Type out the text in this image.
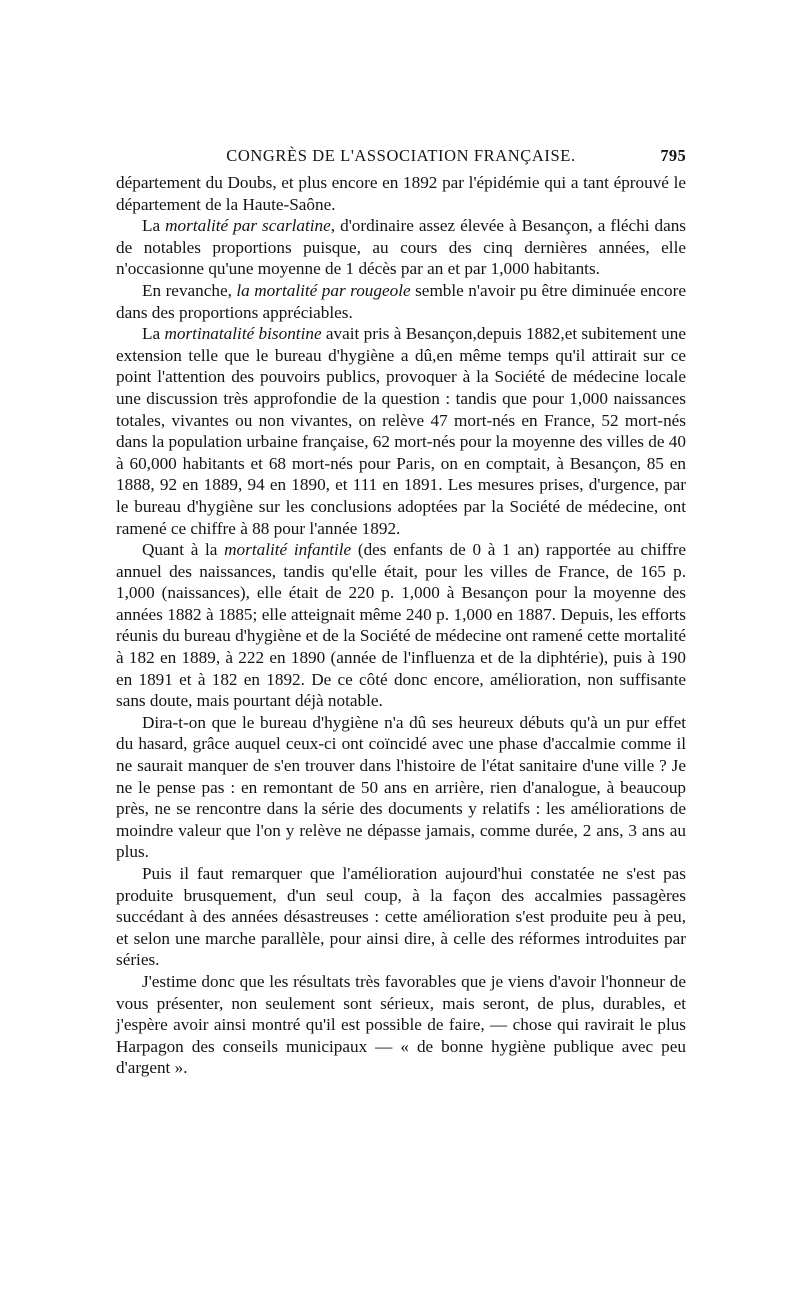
CONGRÈS DE L'ASSOCIATION FRANÇAISE.	795

département du Doubs, et plus encore en 1892 par l'épidémie qui a tant éprouvé le département de la Haute-Saône.

La mortalité par scarlatine, d'ordinaire assez élevée à Besançon, a fléchi dans de notables proportions puisque, au cours des cinq dernières années, elle n'occasionne qu'une moyenne de 1 décès par an et par 1,000 habitants.

En revanche, la mortalité par rougeole semble n'avoir pu être diminuée encore dans des proportions appréciables.

La mortinatalité bisontine avait pris à Besançon,depuis 1882,et subitement une extension telle que le bureau d'hygiène a dû,en même temps qu'il attirait sur ce point l'attention des pouvoirs publics, provoquer à la Société de médecine locale une discussion très approfondie de la question : tandis que pour 1,000 naissances totales, vivantes ou non vivantes, on relève 47 mort-nés en France, 52 mort-nés dans la population urbaine française, 62 mort-nés pour la moyenne des villes de 40 à 60,000 habitants et 68 mort-nés pour Paris, on en comptait, à Besançon, 85 en 1888, 92 en 1889, 94 en 1890, et 111 en 1891. Les mesures prises, d'urgence, par le bureau d'hygiène sur les conclusions adoptées par la Société de médecine, ont ramené ce chiffre à 88 pour l'année 1892.

Quant à la mortalité infantile (des enfants de 0 à 1 an) rapportée au chiffre annuel des naissances, tandis qu'elle était, pour les villes de France, de 165 p. 1,000 (naissances), elle était de 220 p. 1,000 à Besançon pour la moyenne des années 1882 à 1885; elle atteignait même 240 p. 1,000 en 1887. Depuis, les efforts réunis du bureau d'hygiène et de la Société de médecine ont ramené cette mortalité à 182 en 1889, à 222 en 1890 (année de l'influenza et de la diphtérie), puis à 190 en 1891 et à 182 en 1892. De ce côté donc encore, amélioration, non suffisante sans doute, mais pourtant déjà notable.

Dira-t-on que le bureau d'hygiène n'a dû ses heureux débuts qu'à un pur effet du hasard, grâce auquel ceux-ci ont coïncidé avec une phase d'accalmie comme il ne saurait manquer de s'en trouver dans l'histoire de l'état sanitaire d'une ville ? Je ne le pense pas : en remontant de 50 ans en arrière, rien d'analogue, à beaucoup près, ne se rencontre dans la série des documents y relatifs : les améliorations de moindre valeur que l'on y relève ne dépasse jamais, comme durée, 2 ans, 3 ans au plus.

Puis il faut remarquer que l'amélioration aujourd'hui constatée ne s'est pas produite brusquement, d'un seul coup, à la façon des accalmies passagères succédant à des années désastreuses : cette amélioration s'est produite peu à peu, et selon une marche parallèle, pour ainsi dire, à celle des réformes introduites par séries.

J'estime donc que les résultats très favorables que je viens d'avoir l'honneur de vous présenter, non seulement sont sérieux, mais seront, de plus, durables, et j'espère avoir ainsi montré qu'il est possible de faire, — chose qui ravirait le plus Harpagon des conseils municipaux — « de bonne hygiène publique avec peu d'argent ».
